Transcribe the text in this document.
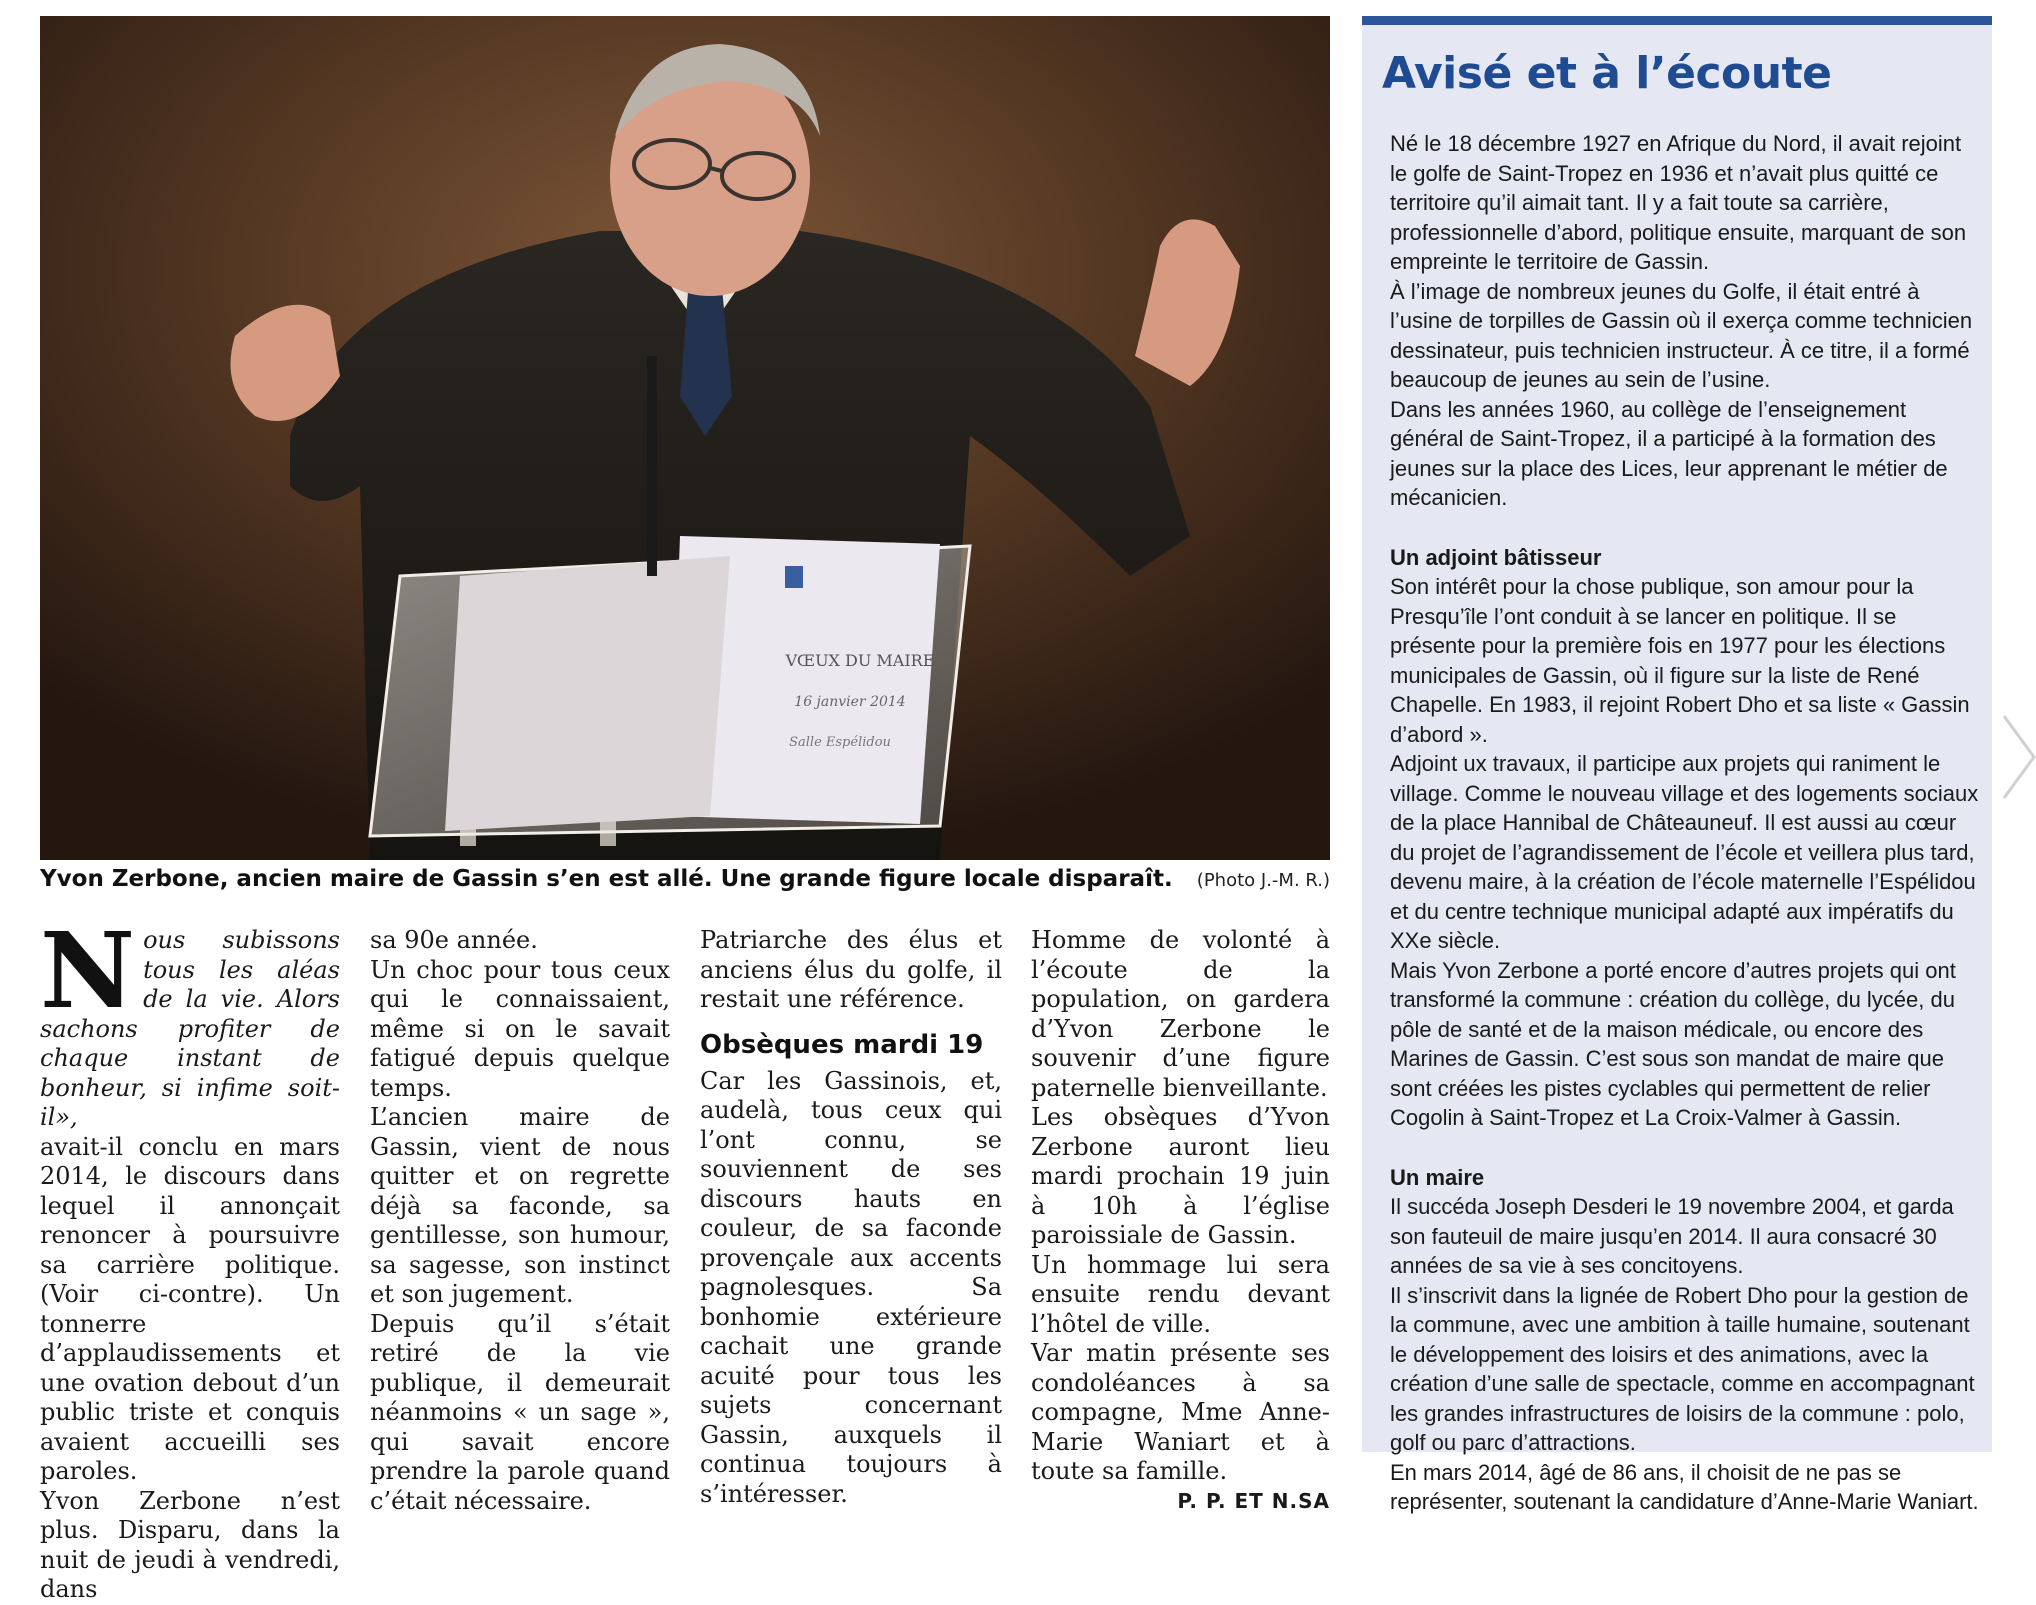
VŒUX DU MAIRE
16 janvier 2014
Salle Espélidou
Yvon Zerbone, ancien maire de Gassin s’en est allé. Une grande figure locale disparaît. (Photo J.-M. R.)
N ous subissons tous les aléas de la vie. Alors sachons profiter de chaque instant de bonheur, si infime soit-il»,

avait-il conclu en mars 2014, le discours dans lequel il annonçait renoncer à poursuivre sa carrière politique. (Voir ci-contre). Un tonnerre d’applaudissements et une ovation debout d’un public triste et conquis avaient accueilli ses paroles.

Yvon Zerbone n’est plus. Disparu, dans la nuit de jeudi à vendredi, dans

sa 90e année.

Un choc pour tous ceux qui le connaissaient, même si on le savait fatigué depuis quelque temps.

L’ancien maire de Gassin, vient de nous quitter et on regrette déjà sa faconde, sa gentillesse, son humour, sa sagesse, son instinct et son jugement.

Depuis qu’il s’était retiré de la vie publique, il demeurait néanmoins « un sage », qui savait encore prendre la parole quand c’était nécessaire.

Patriarche des élus et anciens élus du golfe, il restait une référence.

Obsèques mardi 19

Car les Gassinois, et, audelà, tous ceux qui l’ont connu, se souviennent de ses discours hauts en couleur, de sa faconde provençale aux accents pagnolesques. Sa bonhomie extérieure cachait une grande acuité pour tous les sujets concernant Gassin, auxquels il continua toujours à s’intéresser.

Homme de volonté à l’écoute de la population, on gardera d’Yvon Zerbone le souvenir d’une figure paternelle bienveillante.

Les obsèques d’Yvon Zerbone auront lieu mardi prochain 19 juin à 10h à l’église paroissiale de Gassin.

Un hommage lui sera ensuite rendu devant l’hôtel de ville.

Var matin présente ses condoléances à sa compagne, Mme Anne-Marie Waniart et à toute sa famille.

P. P. ET N.SA

Avisé et à l’écoute

Né le 18 décembre 1927 en Afrique du Nord, il avait rejoint le golfe de Saint-Tropez en 1936 et n’avait plus quitté ce territoire qu’il aimait tant. Il y a fait toute sa carrière, professionnelle d’abord, politique ensuite, marquant de son empreinte le territoire de Gassin.

À l’image de nombreux jeunes du Golfe, il était entré à l’usine de torpilles de Gassin où il exerça comme technicien dessinateur, puis technicien instructeur. À ce titre, il a formé beaucoup de jeunes au sein de l’usine.

Dans les années 1960, au collège de l’enseignement général de Saint-Tropez, il a participé à la formation des jeunes sur la place des Lices, leur apprenant le métier de mécanicien.

Un adjoint bâtisseur

Son intérêt pour la chose publique, son amour pour la Presqu’île l’ont conduit à se lancer en politique. Il se présente pour la première fois en 1977 pour les élections municipales de Gassin, où il figure sur la liste de René Chapelle. En 1983, il rejoint Robert Dho et sa liste « Gassin d’abord ».

Adjoint ux travaux, il participe aux projets qui raniment le village. Comme le nouveau village et des logements sociaux de la place Hannibal de Châteauneuf. Il est aussi au cœur du projet de l’agrandissement de l’école et veillera plus tard, devenu maire, à la création de l’école maternelle l’Espélidou et du centre technique municipal adapté aux impératifs du XXe siècle.

Mais Yvon Zerbone a porté encore d’autres projets qui ont transformé la commune : création du collège, du lycée, du pôle de santé et de la maison médicale, ou encore des Marines de Gassin. C’est sous son mandat de maire que sont créées les pistes cyclables qui permettent de relier Cogolin à Saint-Tropez et La Croix-Valmer à Gassin.

Un maire

Il succéda Joseph Desderi le 19 novembre 2004, et garda son fauteuil de maire jusqu’en 2014. Il aura consacré 30 années de sa vie à ses concitoyens.

Il s’inscrivit dans la lignée de Robert Dho pour la gestion de la commune, avec une ambition à taille humaine, soutenant le développement des loisirs et des animations, avec la création d’une salle de spectacle, comme en accompagnant les grandes infrastructures de loisirs de la commune : polo, golf ou parc d’attractions.

En mars 2014, âgé de 86 ans, il choisit de ne pas se représenter, soutenant la candidature d’Anne-Marie Waniart.
